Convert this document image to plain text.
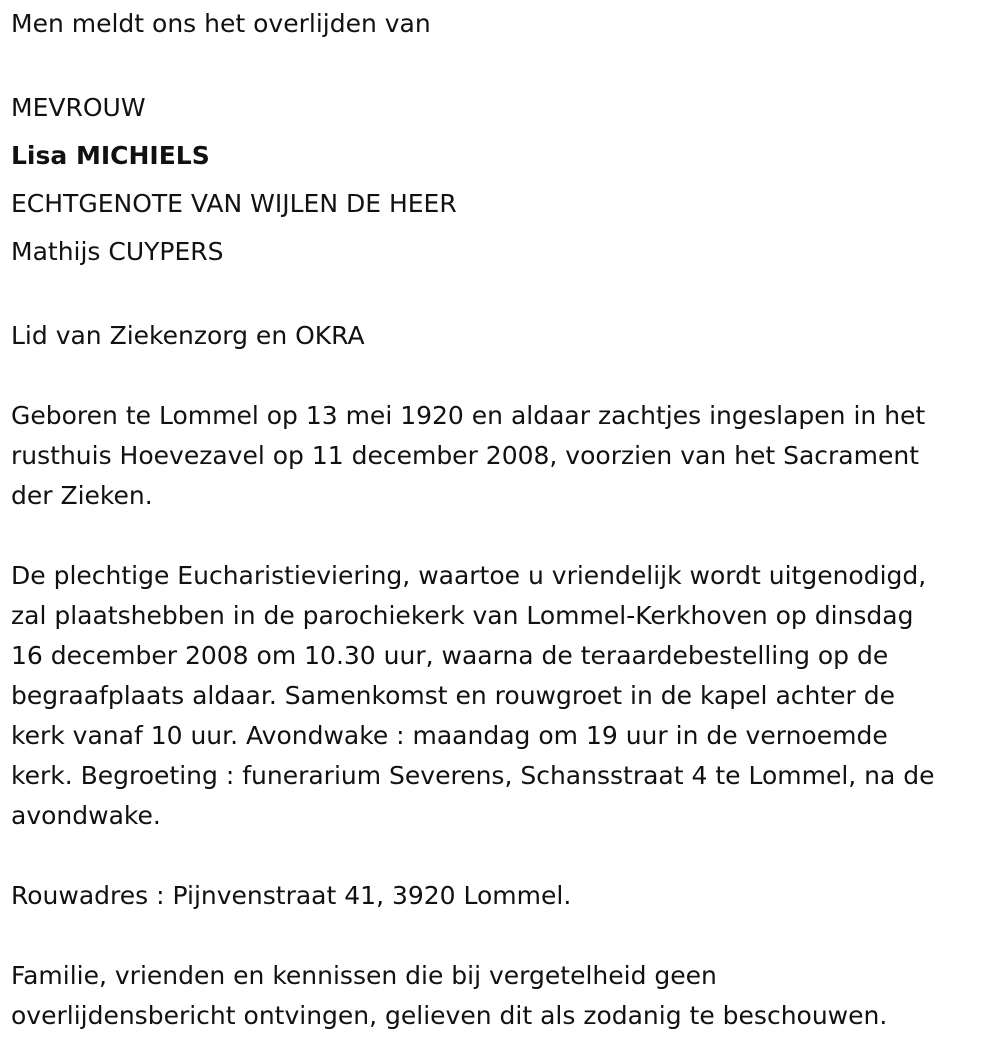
Men meldt ons het overlijden van

MEVROUW

Lisa MICHIELS

ECHTGENOTE VAN WIJLEN DE HEER

Mathijs CUYPERS

Lid van Ziekenzorg en OKRA

Geboren te Lommel op 13 mei 1920 en aldaar zachtjes ingeslapen in het

rusthuis Hoevezavel op 11 december 2008, voorzien van het Sacrament

der Zieken.

De plechtige Eucharistieviering, waartoe u vriendelijk wordt uitgenodigd,

zal plaatshebben in de parochiekerk van Lommel-Kerkhoven op dinsdag

16 december 2008 om 10.30 uur, waarna de teraardebestelling op de

begraafplaats aldaar. Samenkomst en rouwgroet in de kapel achter de

kerk vanaf 10 uur. Avondwake : maandag om 19 uur in de vernoemde

kerk. Begroeting : funerarium Severens, Schansstraat 4 te Lommel, na de

avondwake.

Rouwadres : Pijnvenstraat 41, 3920 Lommel.

Familie, vrienden en kennissen die bij vergetelheid geen

overlijdensbericht ontvingen, gelieven dit als zodanig te beschouwen.
